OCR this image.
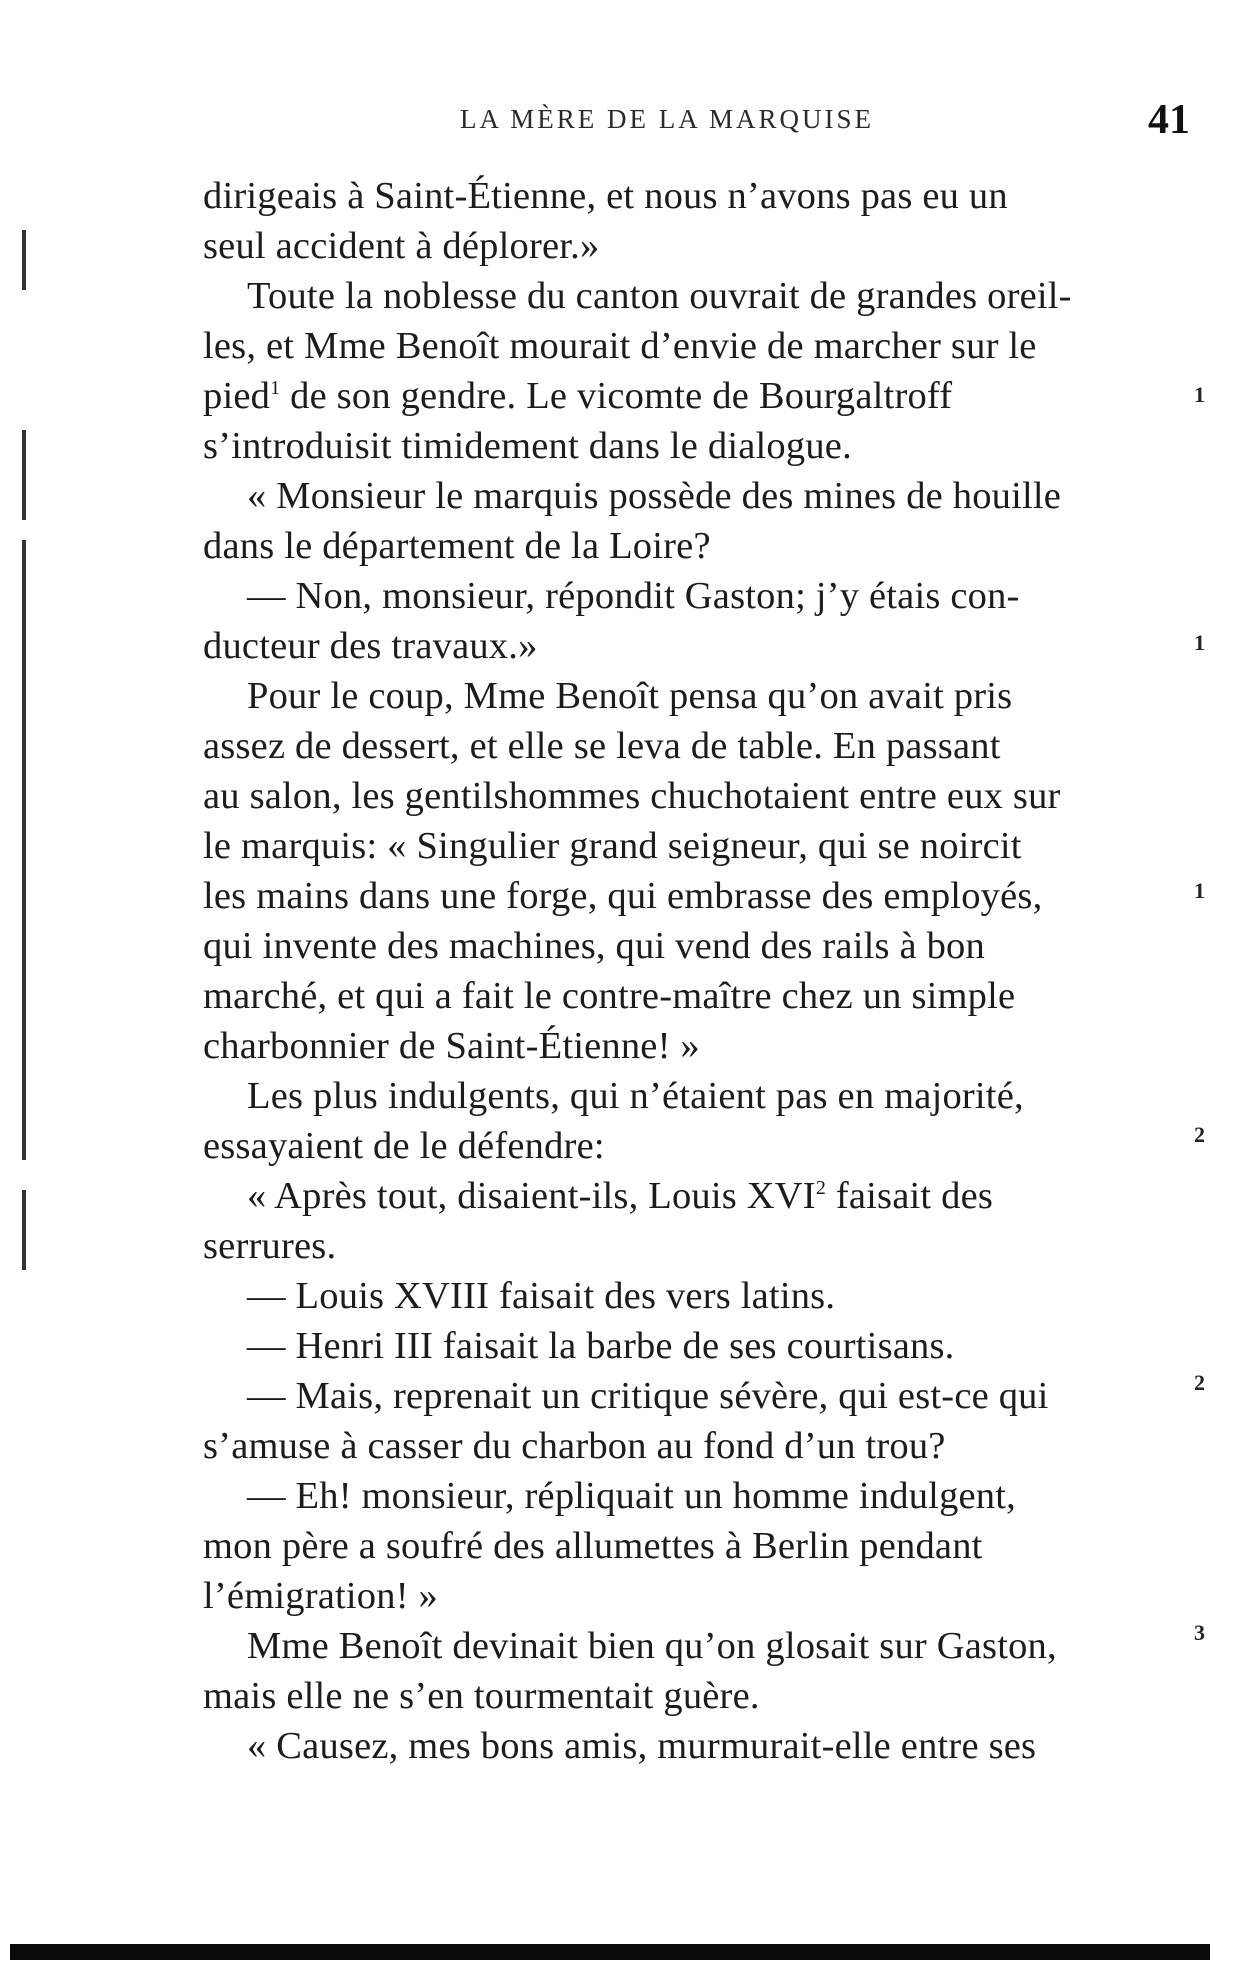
LA MÈRE DE LA MARQUISE	41
dirigeais à Saint-Étienne, et nous n’avons pas eu un
seul accident à déplorer.»
Toute la noblesse du canton ouvrait de grandes oreil-
les, et Mme Benoît mourait d’envie de marcher sur le
pied$^1$ de son gendre. Le vicomte de Bourgaltroff
s’introduisit timidement dans le dialogue.
« Monsieur le marquis possède des mines de houille
dans le département de la Loire?
— Non, monsieur, répondit Gaston; j’y étais con-
ducteur des travaux.»
Pour le coup, Mme Benoît pensa qu’on avait pris
assez de dessert, et elle se leva de table. En passant
au salon, les gentilshommes chuchotaient entre eux sur
le marquis: « Singulier grand seigneur, qui se noircit
les mains dans une forge, qui embrasse des employés,
qui invente des machines, qui vend des rails à bon
marché, et qui a fait le contre-maître chez un simple
charbonnier de Saint-Étienne! »
Les plus indulgents, qui n’étaient pas en majorité,
essayaient de le défendre:
« Après tout, disaient-ils, Louis XVI$^2$ faisait des
serrures.
— Louis XVIII faisait des vers latins.
— Henri III faisait la barbe de ses courtisans.
— Mais, reprenait un critique sévère, qui est-ce qui
s’amuse à casser du charbon au fond d’un trou?
— Eh! monsieur, répliquait un homme indulgent,
mon père a soufré des allumettes à Berlin pendant
l’émigration! »
Mme Benoît devinait bien qu’on glosait sur Gaston,
mais elle ne s’en tourmentait guère.
« Causez, mes bons amis, murmurait-elle entre ses
1
1
1
2
2
3
